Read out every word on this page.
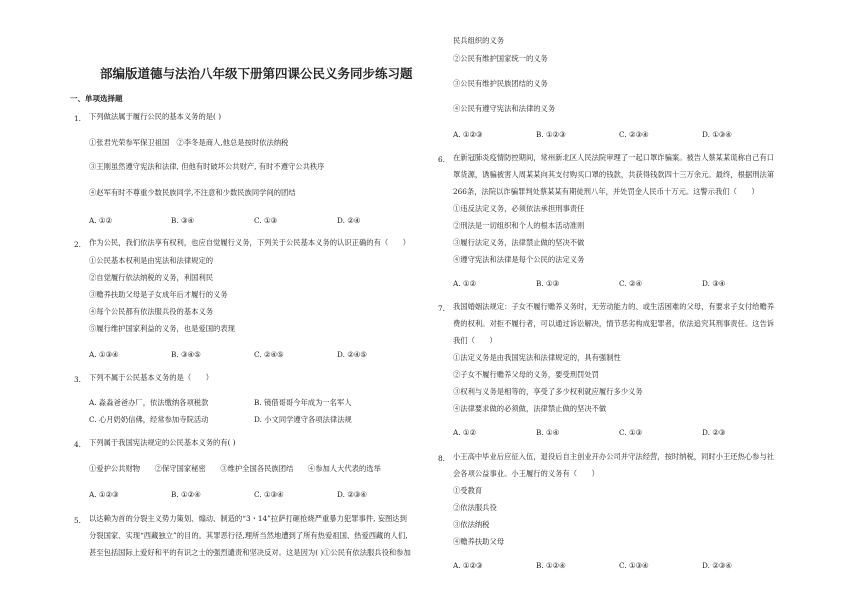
部编版道德与法治八年级下册第四课公民义务同步练习题
一、单项选择题
1. 下列做法属于履行公民的基本义务的是( )
①张君光荣参军保卫祖国　②李冬是商人,他总是按时依法纳税
③王刚虽然遵守宪法和法律, 但他有时破坏公共财产, 有时不遵守公共秩序
④赵军有时不尊重少数民族同学,不注意和少数民族同学间的团结
A. ①②	B. ③④	C. ①③	D. ②④
2. 作为公民，我们依法享有权利，也应自觉履行义务，下列关于公民基本义务的认识正确的有（　　）
①公民基本权利是由宪法和法律规定的
②自觉履行依法纳税的义务，利国利民
③赡养扶助父母是子女成年后才履行的义务
④每个公民都有依法服兵役的基本义务
⑤履行维护国家利益的义务，也是爱国的表现
A. ①③④	B. ③④⑤	C. ②④⑤	D. ②④⑤
3. 下列不属于公民基本义务的是（　　）
A. 淼淼爸爸办厂，依法缴纳各项税款	B. 镜借哥哥今年成为一名军人
C. 心月奶奶信佛，经常参加寺院活动	D. 小文同学遵守各项法律法规
4. 下列属于我国宪法规定的公民基本义务的有( )
①爱护公共财物　　②保守国家秘密　　③维护全国各民族团结　　④参加人大代表的选举
A. ①②③	B. ①②④	C. ①③④	D. ②③④
5. 以达赖为首的分裂主义势力策划、煽动、制造的“3・14”拉萨打砸抢烧严重暴力犯罪事件, 妄图达到
分裂国家、实现“西藏独立”的目的。其罪恶行径,理所当然地遭到了所有热爱祖国、热爱西藏的人们,
甚至包括国际上爱好和平的有识之士的强烈谴责和坚决反对。这是因为( )①公民有依法服兵役和参加
民兵组织的义务
②公民有维护国家统一的义务
③公民有维护民族团结的义务
④公民有遵守宪法和法律的义务
A. ①②③	B. ①②③	C. ②③④	D. ①③④
6. 在新冠肺炎疫情防控期间，常州新北区人民法院审理了一起口罩诈骗案。被告人蔡某某谎称自己有口
罩货源，诱骗被害人周某某向其支付购买口罩的钱款，共获得钱款四十三万余元。最终，根据刑法第
266条，法院以诈骗罪判处蔡某某有期徒刑八年，并处罚金人民币十万元。这警示我们（　　）
①违反法定义务，必须依法承担刑事责任
②刑法是一切组织和个人的根本活动准则
③履行法定义务，法律禁止做的坚决不做
④遵守宪法和法律是每个公民的法定义务
A. ①②	B. ①③	C. ②④	D. ③④
7. 我国婚姻法规定：子女不履行赡养义务时，无劳动能力的、或生活困难的父母，有要求子女付给赡养
费的权利。对拒不履行者，可以通过诉讼解决，情节恶劣构成犯罪者，依法追究其刑事责任。这告诉
我们（　　）
①法定义务是由我国宪法和法律规定的，具有强制性
②子女不履行赡养父母的义务，要受刑罚处罚
③权利与义务是相等的，享受了多少权利就应履行多少义务
④法律要求做的必须做，法律禁止做的坚决不做
A. ①②	B. ①④	C. ①③	D. ②③
8. 小王高中毕业后应征入伍，退役后自主创业开办公司并守法经营，按时纳税，同时小王还热心参与社
会各项公益事业。小王履行的义务有（　　）
①受教育
②依法服兵役
③依法纳税
④赡养扶助父母
A. ①②③	B. ①②④	C. ①③④	D. ②③④
